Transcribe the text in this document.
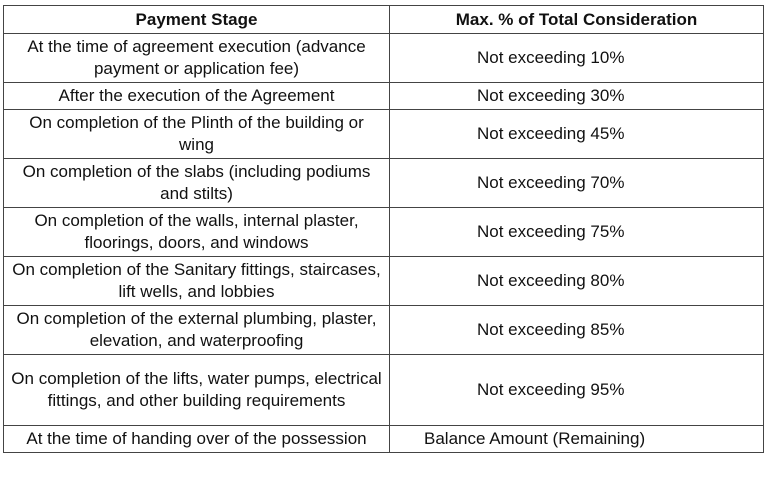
Payment Stage	Max. % of Total Consideration
At the time of agreement execution (advance payment or application fee)	Not exceeding 10%
After the execution of the Agreement	Not exceeding 30%
On completion of the Plinth of the building or wing	Not exceeding 45%
On completion of the slabs (including podiums and stilts)	Not exceeding 70%
On completion of the walls, internal plaster, floorings, doors, and windows	Not exceeding 75%
On completion of the Sanitary fittings, staircases, lift wells, and lobbies	Not exceeding 80%
On completion of the external plumbing, plaster, elevation, and waterproofing	Not exceeding 85%
On completion of the lifts, water pumps, electrical fittings, and other building requirements	Not exceeding 95%
At the time of handing over of the possession	Balance Amount (Remaining)
